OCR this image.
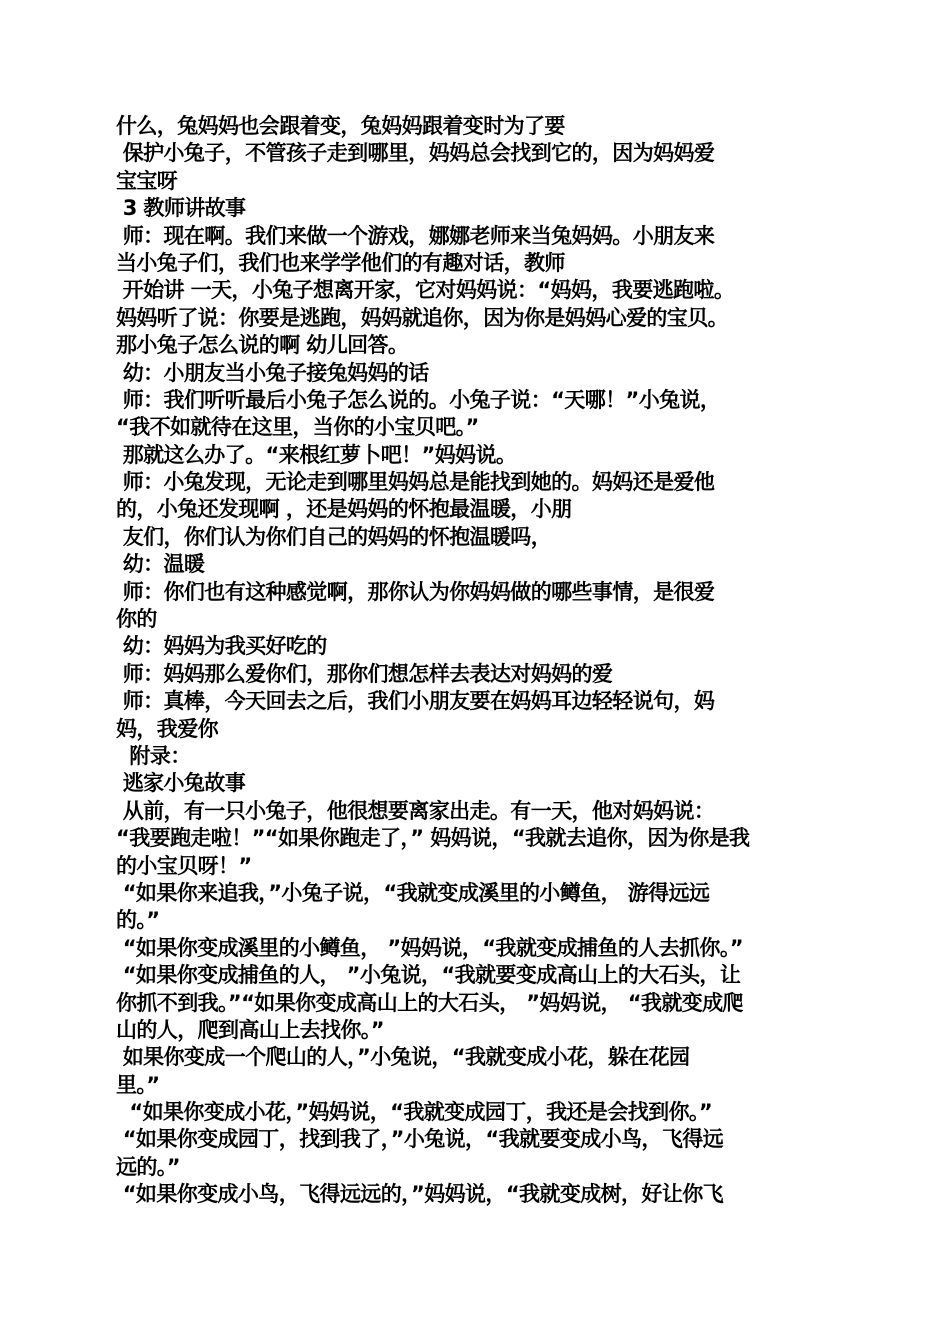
什么，兔妈妈也会跟着变，兔妈妈跟着变时为了要
保护小兔子，不管孩子走到哪里，妈妈总会找到它的，因为妈妈爱
宝宝呀
3 教师讲故事
师：现在啊。我们来做一个游戏，娜娜老师来当兔妈妈。小朋友来
当小兔子们，我们也来学学他们的有趣对话，教师
开始讲 一天，小兔子想离开家，它对妈妈说：“妈妈，我要逃跑啦。
妈妈听了说：你要是逃跑，妈妈就追你，因为你是妈妈心爱的宝贝。
那小兔子怎么说的啊 幼儿回答。
幼：小朋友当小兔子接兔妈妈的话
师：我们听听最后小兔子怎么说的。小兔子说：“天哪！”小兔说，
“我不如就待在这里，当你的小宝贝吧。”
那就这么办了。“来根红萝卜吧！”妈妈说。
师：小兔发现，无论走到哪里妈妈总是能找到她的。妈妈还是爱他
的，小兔还发现啊 ，还是妈妈的怀抱最温暖，小朋
友们，你们认为你们自己的妈妈的怀抱温暖吗，
幼：温暖
师：你们也有这种感觉啊，那你认为你妈妈做的哪些事情，是很爱
你的
幼：妈妈为我买好吃的
师：妈妈那么爱你们，那你们想怎样去表达对妈妈的爱
师：真棒，今天回去之后，我们小朋友要在妈妈耳边轻轻说句，妈
妈，我爱你
附录：
逃家小兔故事
从前，有一只小兔子，他很想要离家出走。有一天，他对妈妈说：
“我要跑走啦！”“如果你跑走了，” 妈妈说，“我就去追你，因为你是我
的小宝贝呀！”
“如果你来追我，”小兔子说，“我就变成溪里的小鳟鱼， 游得远远
的。”
“如果你变成溪里的小鳟鱼， ”妈妈说，“我就变成捕鱼的人去抓你。”
“如果你变成捕鱼的人， ”小兔说，“我就要变成高山上的大石头，让
你抓不到我。”“如果你变成高山上的大石头， ”妈妈说， “我就变成爬
山的人，爬到高山上去找你。”
如果你变成一个爬山的人，”小兔说，“我就变成小花，躲在花园
里。”
“如果你变成小花，”妈妈说，“我就变成园丁，我还是会找到你。”
“如果你变成园丁，找到我了，”小兔说，“我就要变成小鸟，飞得远
远的。”
“如果你变成小鸟，飞得远远的，”妈妈说，“我就变成树，好让你飞
